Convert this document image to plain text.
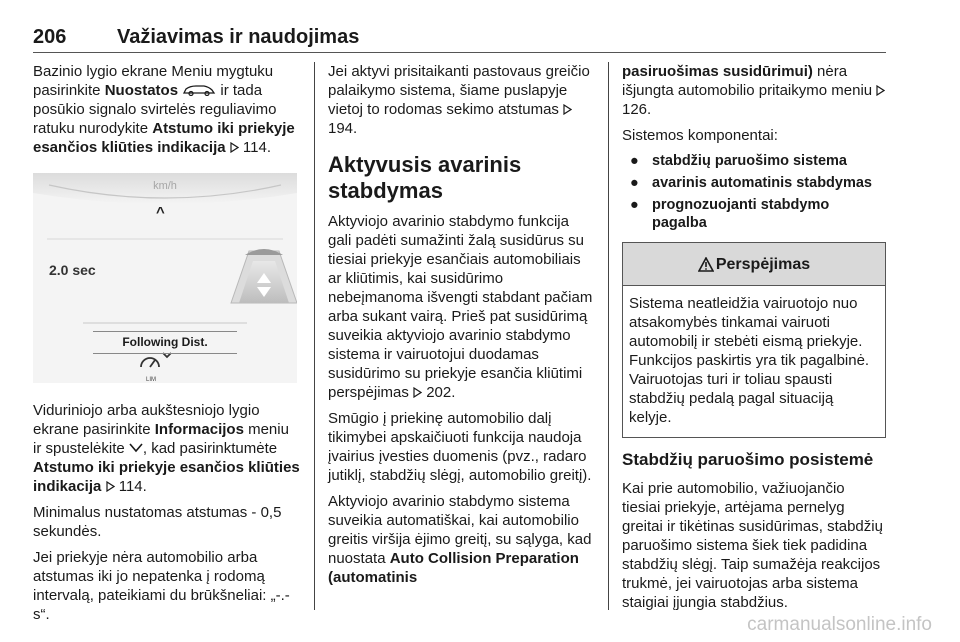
206	Važiavimas ir naudojimas

Bazinio lygio ekrane Meniu mygtuku pasirinkite Nuostatos	ir tada posūkio signalo svirtelės reguliavimo ratuku nurodykite Atstumo iki priekyje esančios kliūties indikacija  114.

km/h
^
2.0 sec
Following Dist.
LIM

Viduriniojo arba aukštesniojo lygio ekrane pasirinkite Informacijos meniu ir spustelėkite , kad pasirinktumėte Atstumo iki priekyje esančios kliūties indikacija  114.

Minimalus nustatomas atstumas - 0,5 sekundės.

Jei priekyje nėra automobilio arba atstumas iki jo nepatenka į rodomą intervalą, pateikiami du brūkšneliai: „-.- s“.

Jei aktyvi prisitaikanti pastovaus greičio palaikymo sistema, šiame puslapyje vietoj to rodomas sekimo atstumas  194.

Aktyvusis avarinis stabdymas

Aktyviojo avarinio stabdymo funkcija gali padėti sumažinti žalą susidūrus su tiesiai priekyje esančiais automobiliais ar kliūtimis, kai susidūrimo nebeįmanoma išvengti stabdant pačiam arba sukant vairą. Prieš pat susidūrimą suveikia aktyviojo avarinio stabdymo sistema ir vairuotojui duodamas susidūrimo su priekyje esančia kliūtimi perspėjimas  202.

Smūgio į priekinę automobilio dalį tikimybei apskaičiuoti funkcija naudoja įvairius įvesties duomenis (pvz., radaro jutiklį, stabdžių slėgį, automobilio greitį).

Aktyviojo avarinio stabdymo sistema suveikia automatiškai, kai automobilio greitis viršija ėjimo greitį, su sąlyga, kad nuostata Auto Collision Preparation (automatinis

pasiruošimas susidūrimui) nėra išjungta automobilio pritaikymo meniu  126.

Sistemos komponentai:

● stabdžių paruošimo sistema
● avarinis automatinis stabdymas
● prognozuojanti stabdymo pagalba
Perspėjimas
Sistema neatleidžia vairuotojo nuo atsakomybės tinkamai vairuoti automobilį ir stebėti eismą priekyje. Funkcijos paskirtis yra tik pagalbinė. Vairuotojas turi ir toliau spausti stabdžių pedalą pagal situaciją kelyje.
Stabdžių paruošimo posistemė

Kai prie automobilio, važiuojančio tiesiai priekyje, artėjama pernelyg greitai ir tikėtinas susidūrimas, stabdžių paruošimo sistema šiek tiek padidina stabdžių slėgį. Taip sumažėja reakcijos trukmė, jei vairuotojas arba sistema staigiai įjungia stabdžius.

carmanualsonline.info
